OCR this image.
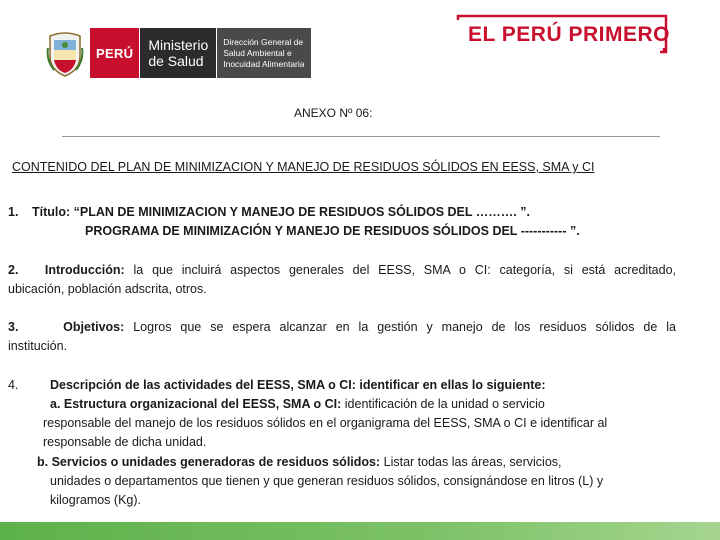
PERÚ	Ministerio
de Salud
Dirección General de
Salud Ambiental e
Inocuidad Alimentaria
EL PERÚ PRIMERO
ANEXO Nº 06:
CONTENIDO DEL PLAN DE MINIMIZACION Y MANEJO DE RESIDUOS SÓLIDOS EN EESS, SMA y CI
1. Título: “PLAN DE MINIMIZACION Y MANEJO DE RESIDUOS SÓLIDOS DEL ………. ”.
PROGRAMA DE MINIMIZACIÓN Y MANEJO DE RESIDUOS SÓLIDOS DEL ----------- ”.
2. Introducción: la que incluirá aspectos generales del EESS, SMA o CI: categoría, si está acreditado,
ubicación, población adscrita, otros.
3.	Objetivos: Logros que se espera alcanzar en la gestión y manejo de los residuos sólidos de la
institución.
4.	Descripción de las actividades del EESS, SMA o CI: identificar en ellas lo siguiente:
a. Estructura organizacional del EESS, SMA o CI: identificación de la unidad o servicio
responsable del manejo de los residuos sólidos en el organigrama del EESS, SMA o CI e identificar al
responsable de dicha unidad.
b. Servicios o unidades generadoras de residuos sólidos: Listar todas las áreas, servicios,
unidades o departamentos que tienen y que generan residuos sólidos, consignándose en litros (L) y
kilogramos (Kg).
